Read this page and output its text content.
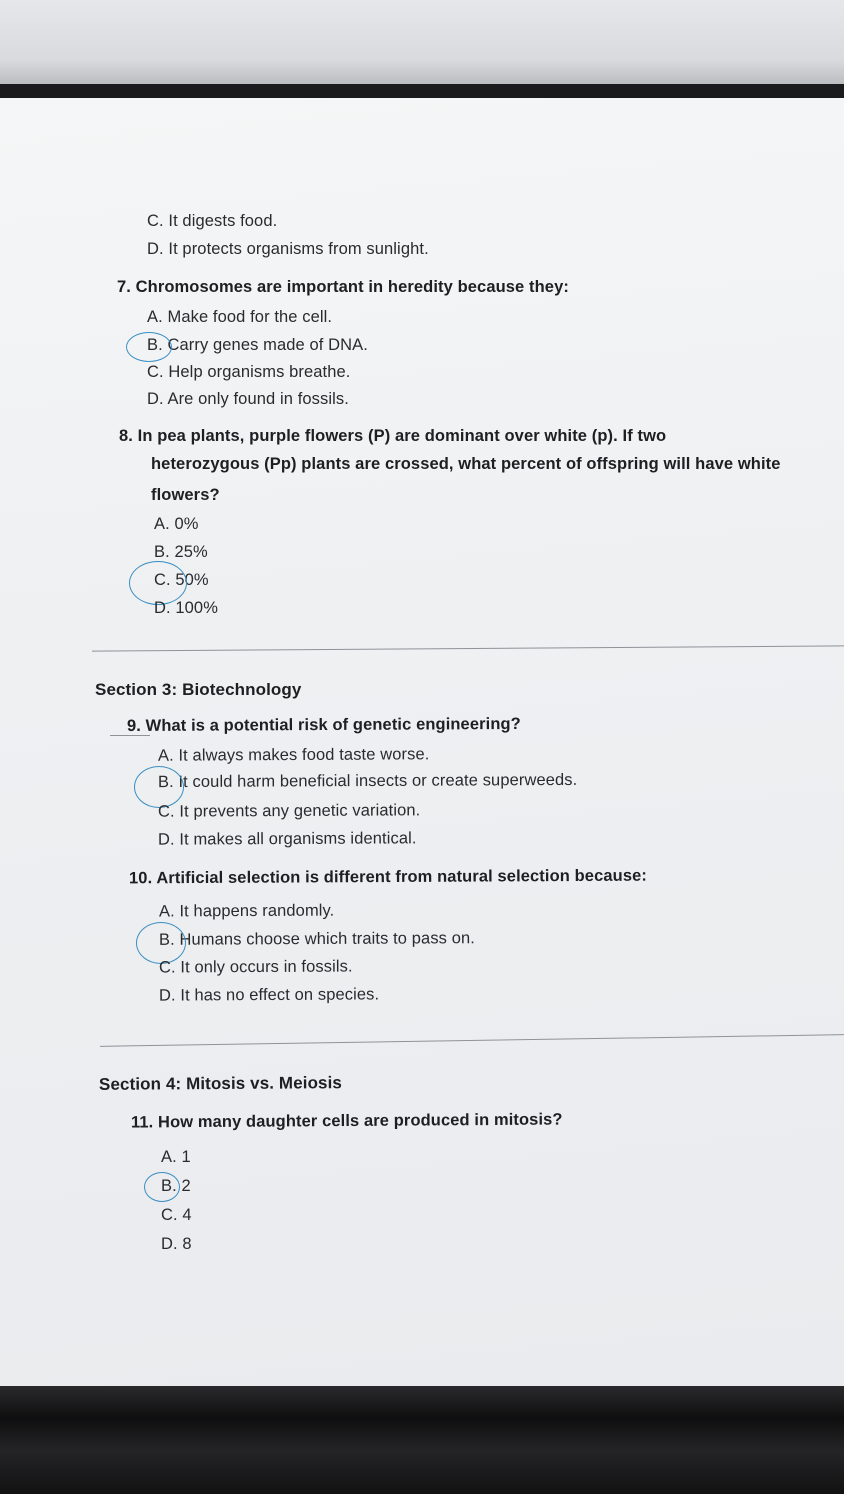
C. It digests food.
D. It protects organisms from sunlight.
7. Chromosomes are important in heredity because they:
A. Make food for the cell.
B. Carry genes made of DNA.
C. Help organisms breathe.
D. Are only found in fossils.
8. In pea plants, purple flowers (P) are dominant over white (p). If two
heterozygous (Pp) plants are crossed, what percent of offspring will have white
flowers?
A. 0%
B. 25%
C. 50%
D. 100%
Section 3: Biotechnology
9. What is a potential risk of genetic engineering?
A. It always makes food taste worse.
B. It could harm beneficial insects or create superweeds.
C. It prevents any genetic variation.
D. It makes all organisms identical.
10. Artificial selection is different from natural selection because:
A. It happens randomly.
B. Humans choose which traits to pass on.
C. It only occurs in fossils.
D. It has no effect on species.
Section 4: Mitosis vs. Meiosis
11. How many daughter cells are produced in mitosis?
A. 1
B. 2
C. 4
D. 8
